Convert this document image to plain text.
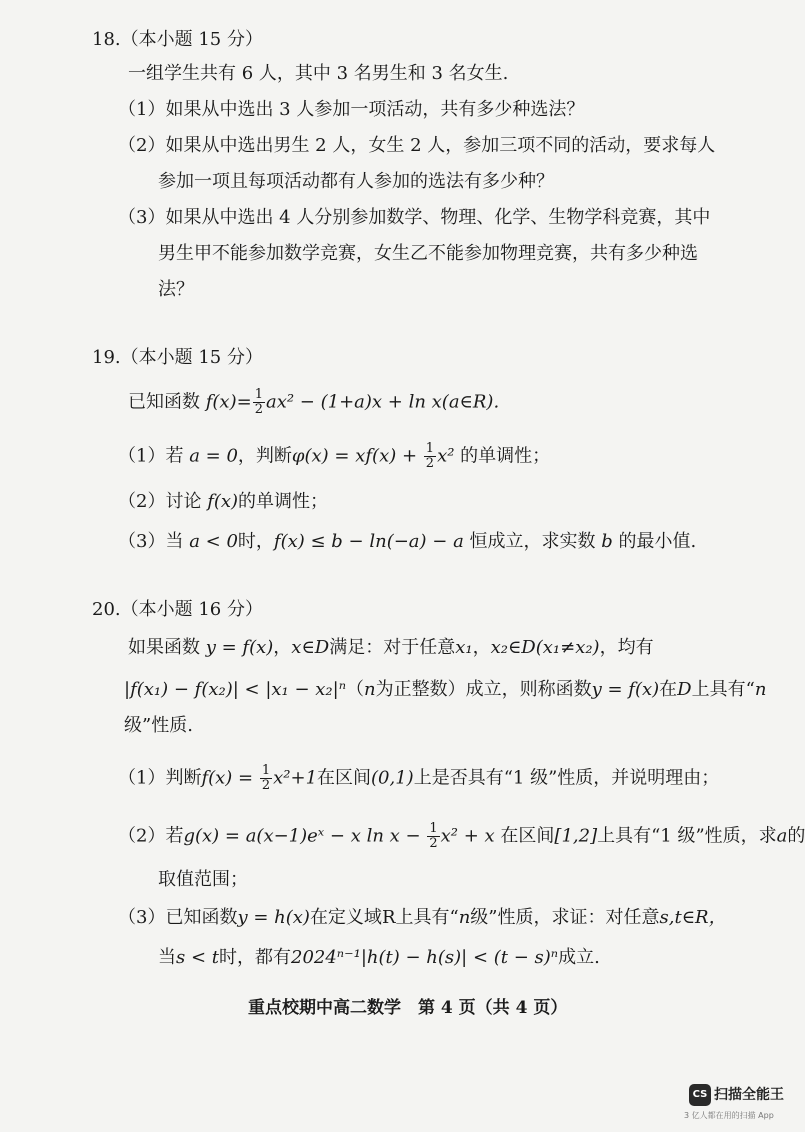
18.（本小题 15 分）
一组学生共有 6 人，其中 3 名男生和 3 名女生.
（1）如果从中选出 3 人参加一项活动，共有多少种选法？
（2）如果从中选出男生 2 人，女生 2 人，参加三项不同的活动，要求每人
参加一项且每项活动都有人参加的选法有多少种？
（3）如果从中选出 4 人分别参加数学、物理、化学、生物学科竞赛，其中
男生甲不能参加数学竞赛，女生乙不能参加物理竞赛，共有多少种选
法？
19.（本小题 15 分）
已知函数 $f(x)= \frac{1}{2} ax^2 - (1+a)x + \ln$ x(a∈R).
（1）若 a = 0，判断$\varphi(x) = xf(x) + \frac{1}{2} x^2$ 的单调性；
（2）讨论 f(x)的单调性；
（3）当 a < 0时，f(x) ≤ b − ln(−a) − a 恒成立，求实数 b 的最小值.
20.（本小题 16 分）
如果函数 y = f(x)，x∈D满足：对于任意x₁，x₂∈D(x₁≠x₂)，均有
|f(x₁) − f(x₂)| < |x₁ − x₂|ⁿ（n为正整数）成立，则称函数y = f(x)在D上具有“n
级”性质.
（1）判断$f(x) = \frac{1}{2} x^2+1$在区间(0,1)上是否具有“1 级”性质，并说明理由；
（2）若g(x) = a(x−1)eˣ − x $\ln x - \frac{1}{2} x^2 + x$ 在区间[1,2]上具有“1 级”性质，求a的
取值范围；
（3）已知函数y = h(x)在定义域R上具有“n级”性质，求证：对任意s,t∈R，
当s < t时，都有2024ⁿ⁻¹|h(t) − h(s)| < (t − s)ⁿ成立.
重点校期中高二数学　第 4 页（共 4 页）
CS 扫描全能王
3 亿人都在用的扫描 App
